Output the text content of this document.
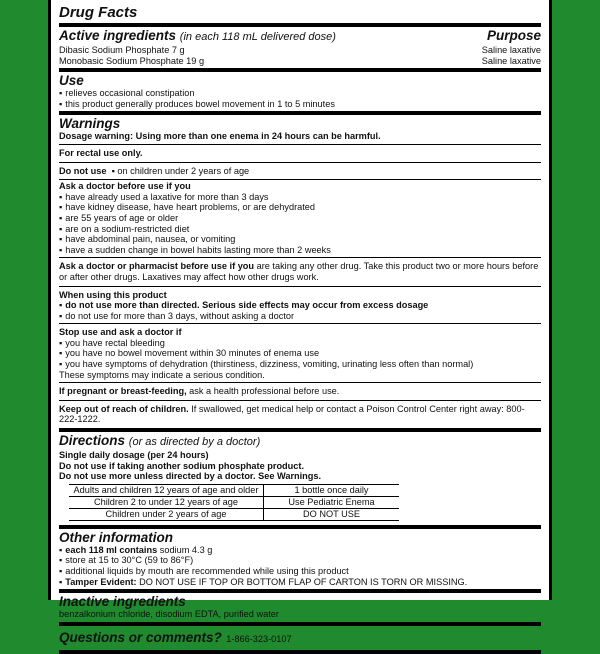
Drug Facts
Active ingredients (in each 118 mL delivered dose)	Purpose
Dibasic Sodium Phosphate 7 g	Saline laxative
Monobasic Sodium Phosphate 19 g	Saline laxative
Use
▪ relieves occasional constipation
▪ this product generally produces bowel movement in 1 to 5 minutes
Warnings
Dosage warning: Using more than one enema in 24 hours can be harmful.
For rectal use only.
Do not use ▪ on children under 2 years of age
Ask a doctor before use if you
▪ have already used a laxative for more than 3 days
▪ have kidney disease, have heart problems, or are dehydrated
▪ are 55 years of age or older
▪ are on a sodium-restricted diet
▪ have abdominal pain, nausea, or vomiting
▪ have a sudden change in bowel habits lasting more than 2 weeks
Ask a doctor or pharmacist before use if you are taking any other drug. Take this product two or more hours before or after other drugs. Laxatives may affect how other drugs work.
When using this product
▪ do not use more than directed. Serious side effects may occur from excess dosage
▪ do not use for more than 3 days, without asking a doctor
Stop use and ask a doctor if
▪ you have rectal bleeding
▪ you have no bowel movement within 30 minutes of enema use
▪ you have symptoms of dehydration (thirstiness, dizziness, vomiting, urinating less often than normal)
These symptoms may indicate a serious condition.
If pregnant or breast-feeding, ask a health professional before use.
Keep out of reach of children. If swallowed, get medical help or contact a Poison Control Center right away: 800-222-1222.
Directions (or as directed by a doctor)
Single daily dosage (per 24 hours)
Do not use if taking another sodium phosphate product.
Do not use more unless directed by a doctor. See Warnings.
Adults and children 12 years of age and older	1 bottle once daily
Children 2 to under 12 years of age	Use Pediatric Enema
Children under 2 years of age	DO NOT USE
Other information
▪ each 118 ml contains sodium 4.3 g
▪ store at 15 to 30°C (59 to 86°F)
▪ additional liquids by mouth are recommended while using this product
▪ Tamper Evident: DO NOT USE IF TOP OR BOTTOM FLAP OF CARTON IS TORN OR MISSING.
Inactive ingredients
benzalkonium chloride, disodium EDTA, purified water
Questions or comments? 1-866-323-0107
